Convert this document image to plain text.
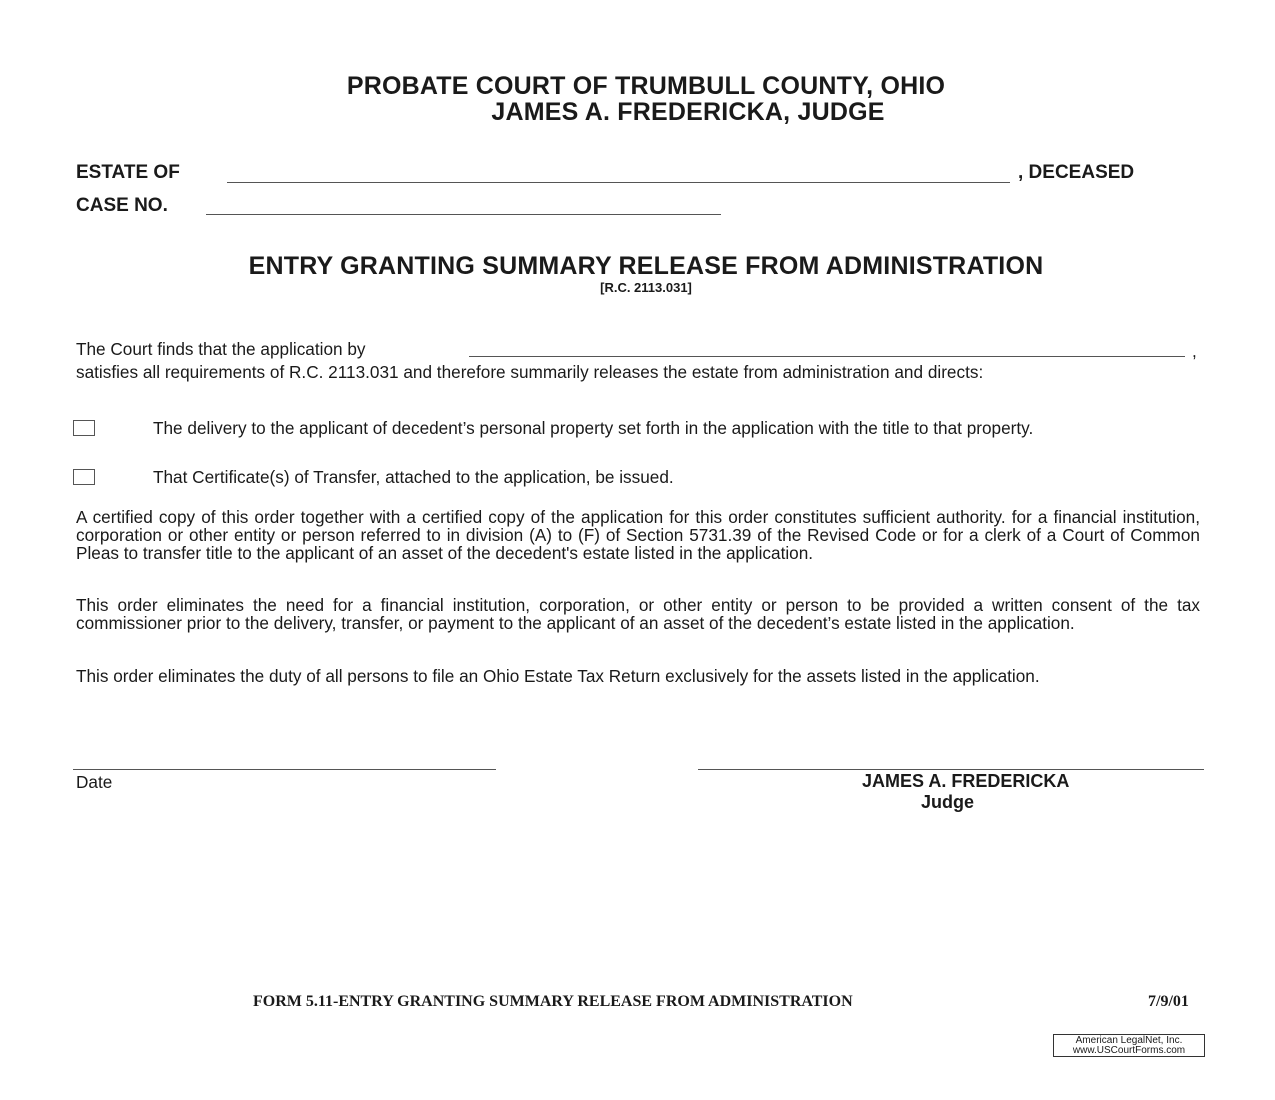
PROBATE COURT OF TRUMBULL COUNTY, OHIO
JAMES A. FREDERICKA, JUDGE
ESTATE OF	, DECEASED
CASE NO.
ENTRY GRANTING SUMMARY RELEASE FROM ADMINISTRATION
[R.C. 2113.031]
The Court finds that the application by	,
satisfies all requirements of R.C. 2113.031 and therefore summarily releases the estate from administration and directs:
The delivery to the applicant of decedent’s personal property set forth in the application with the title to that property.
That Certificate(s) of Transfer, attached to the application, be issued.
A certified copy of this order together with a certified copy of the application for this order constitutes sufficient authority. for a financial institution, corporation or other entity or person referred to in division (A) to (F) of Section 5731.39 of the Revised Code or for a clerk of a Court of Common Pleas to transfer title to the applicant of an asset of the decedent's estate listed in the application.
This order eliminates the need for a financial institution, corporation, or other entity or person to be provided a written consent of the tax commissioner prior to the delivery, transfer, or payment to the applicant of an asset of the decedent’s estate listed in the application.
This order eliminates the duty of all persons to file an Ohio Estate Tax Return exclusively for the assets listed in the application.
Date	JAMES A. FREDERICKA
Judge
FORM 5.11-ENTRY GRANTING SUMMARY RELEASE FROM ADMINISTRATION	7/9/01
American LegalNet, Inc.
www.USCourtForms.com
